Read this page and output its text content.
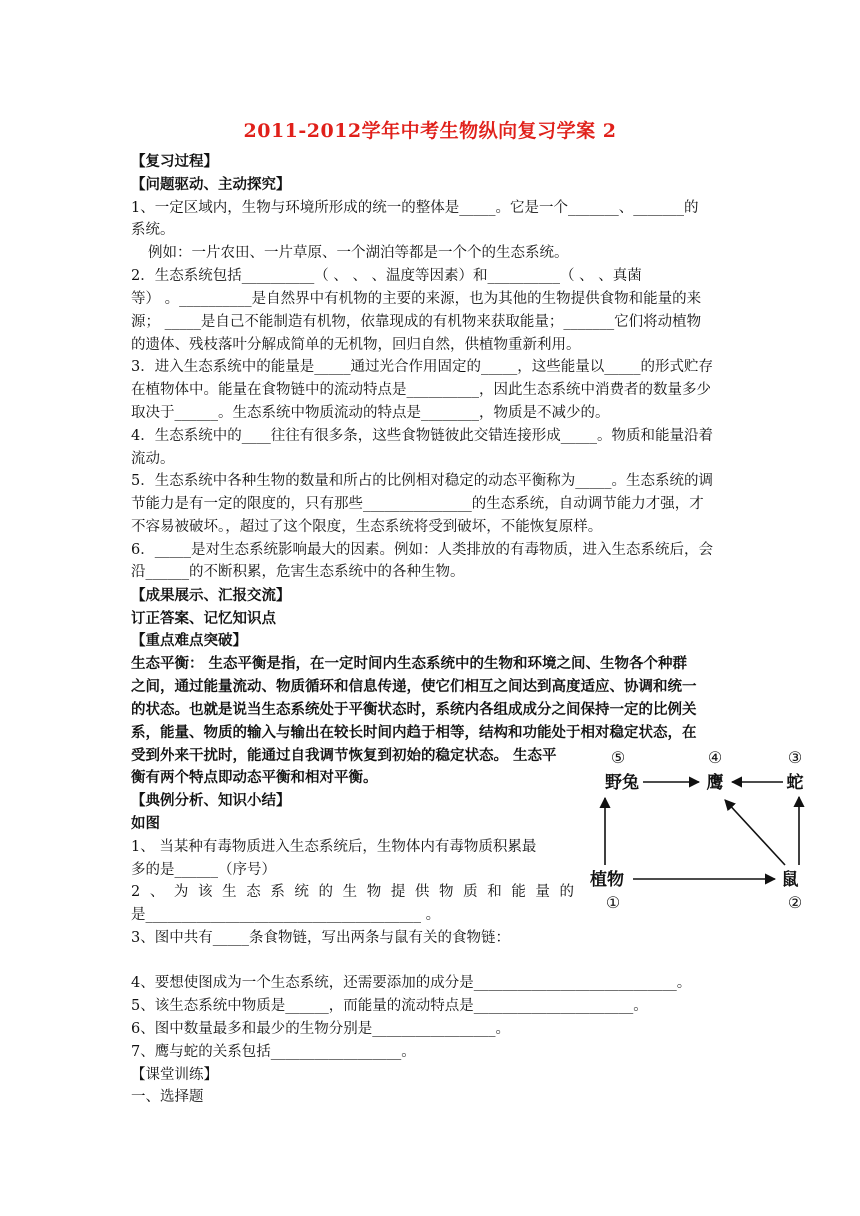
2011-2012学年中考生物纵向复习学案 2
【复习过程】
【问题驱动、主动探究】
1、一定区域内，生物与环境所形成的统一的整体是_____。它是一个_______、_______的
系统。
例如：一片农田、一片草原、一个湖泊等都是一个个的生态系统。
2．生态系统包括__________（ 、 、 、温度等因素）和__________（ 、 、真菌
等） 。__________是自然界中有机物的主要的来源，也为其他的生物提供食物和能量的来
源； _____是自己不能制造有机物，依靠现成的有机物来获取能量；_______它们将动植物
的遗体、残枝落叶分解成简单的无机物，回归自然，供植物重新利用。
3．进入生态系统中的能量是_____通过光合作用固定的_____，这些能量以_____的形式贮存
在植物体中。能量在食物链中的流动特点是__________，因此生态系统中消费者的数量多少
取决于______。生态系统中物质流动的特点是________，物质是不减少的。
4．生态系统中的____往往有很多条，这些食物链彼此交错连接形成_____。物质和能量沿着
流动。
5．生态系统中各种生物的数量和所占的比例相对稳定的动态平衡称为_____。生态系统的调
节能力是有一定的限度的，只有那些_______________的生态系统，自动调节能力才强，才
不容易被破坏。，超过了这个限度，生态系统将受到破坏，不能恢复原样。
6．_____是对生态系统影响最大的因素。例如：人类排放的有毒物质，进入生态系统后，会
沿______的不断积累，危害生态系统中的各种生物。
【成果展示、汇报交流】
订正答案、记忆知识点
【重点难点突破】
生态平衡： 生态平衡是指，在一定时间内生态系统中的生物和环境之间、生物各个种群
之间，通过能量流动、物质循环和信息传递，使它们相互之间达到高度适应、协调和统一
的状态。也就是说当生态系统处于平衡状态时，系统内各组成成分之间保持一定的比例关
系，能量、物质的输入与输出在较长时间内趋于相等，结构和功能处于相对稳定状态，在
受到外来干扰时，能通过自我调节恢复到初始的稳定状态。 生态平
衡有两个特点即动态平衡和相对平衡。
【典例分析、知识小结】
如图
1、 当某种有毒物质进入生态系统后，生物体内有毒物质积累最
多的是______（序号）
2、为该生态系统的生物提供物质和能量的
是______________________________________ 。
3、图中共有_____条食物链，写出两条与鼠有关的食物链：
4、要想使图成为一个生态系统，还需要添加的成分是____________________________。
5、该生态系统中物质是______，而能量的流动特点是______________________。
6、图中数量最多和最少的生物分别是_________________。
7、鹰与蛇的关系包括__________________。
【课堂训练】
一、选择题
⑤	④	③
野兔	鹰	蛇
植物	鼠
①	②
